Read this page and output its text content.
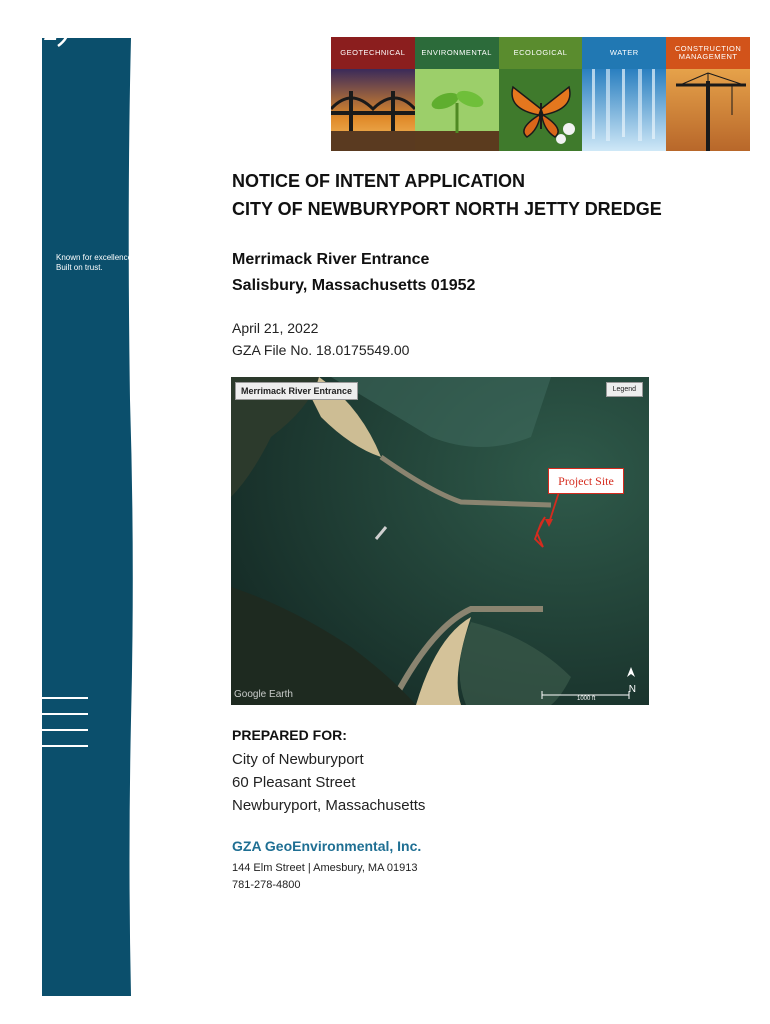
GZ
Known for excellence.
Built on trust.
GEOTECHNICAL	ENVIRONMENTAL	ECOLOGICAL	WATER	CONSTRUCTION MANAGEMENT
NOTICE OF INTENT APPLICATION
CITY OF NEWBURYPORT NORTH JETTY DREDGE
Merrimack River Entrance
Salisbury, Massachusetts 01952
April 21, 2022
GZA File No. 18.0175549.00
Merrimack River Entrance	Legend
Project Site
Google Earth	N
1000 ft
PREPARED FOR:
City of Newburyport
60 Pleasant Street
Newburyport, Massachusetts
GZA GeoEnvironmental, Inc.
144 Elm Street | Amesbury, MA 01913
781-278-4800
